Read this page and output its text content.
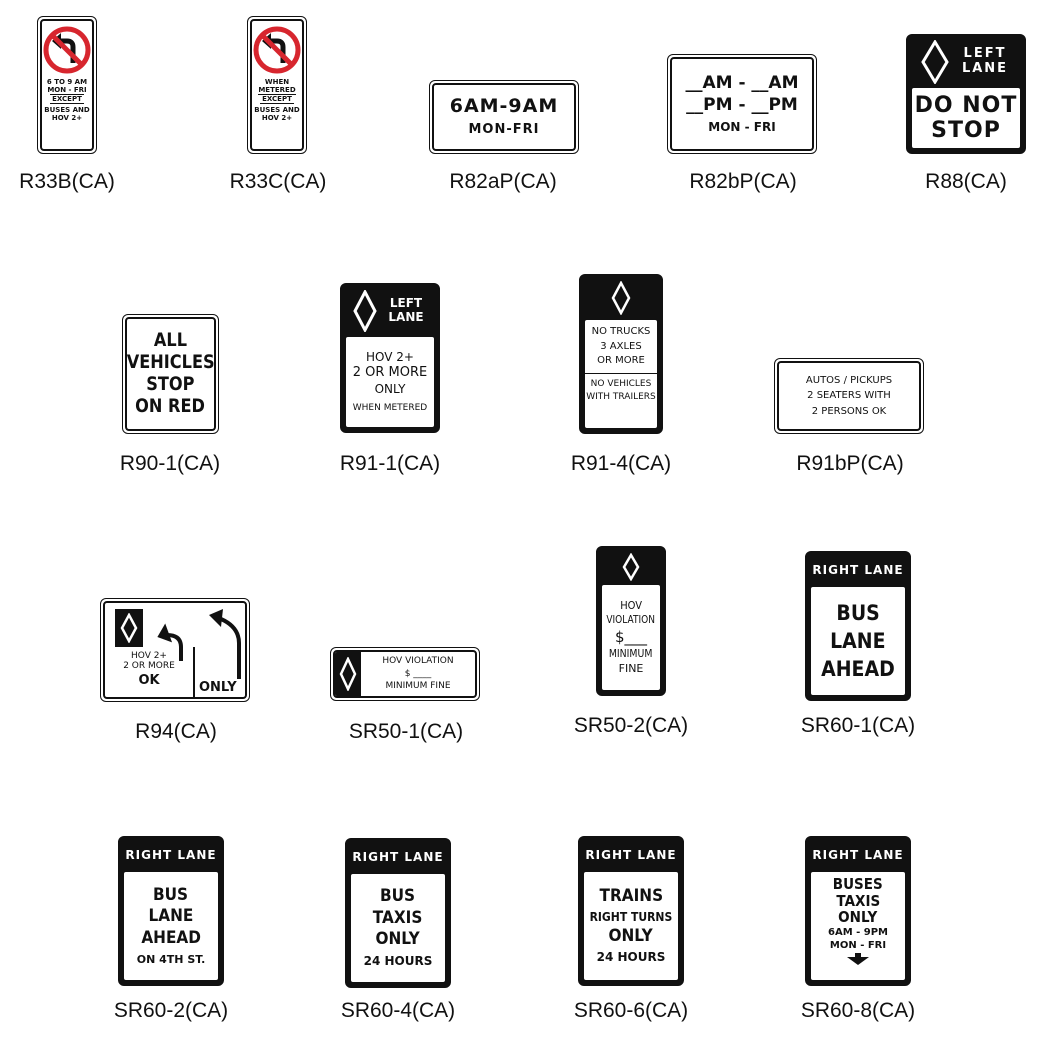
6 TO 9 AM
MON - FRI
EXCEPT
BUSES AND
HOV 2+
R33B(CA)
WHEN
METERED
EXCEPT
BUSES AND
HOV 2+
R33C(CA)
6AM-9AM
MON-FRI
R82aP(CA)
__AM - __AM
__PM - __PM
MON - FRI
R82bP(CA)
LEFT
LANE
DO NOT
STOP
R88(CA)
ALL
VEHICLES
STOP
ON RED
R90-1(CA)
LEFT
LANE
HOV 2+
2 OR MORE
ONLY
WHEN METERED
R91-1(CA)
NO TRUCKS
3 AXLES
OR MORE
NO VEHICLES
WITH TRAILERS
R91-4(CA)
AUTOS / PICKUPS
2 SEATERS WITH
2 PERSONS OK
R91bP(CA)
HOV 2+
2 OR MORE
OK	ONLY
R94(CA)
HOV VIOLATION
$ ____
MINIMUM FINE
SR50-1(CA)
HOV
VIOLATION
$___
MINIMUM
FINE
SR50-2(CA)
RIGHT LANE
BUS
LANE
AHEAD
SR60-1(CA)
RIGHT LANE
BUS
LANE
AHEAD
ON 4TH ST.
SR60-2(CA)
RIGHT LANE
BUS
TAXIS
ONLY
24 HOURS
SR60-4(CA)
RIGHT LANE
TRAINS
RIGHT TURNS
ONLY
24 HOURS
SR60-6(CA)
RIGHT LANE
BUSES
TAXIS
ONLY
6AM - 9PM
MON - FRI
SR60-8(CA)
